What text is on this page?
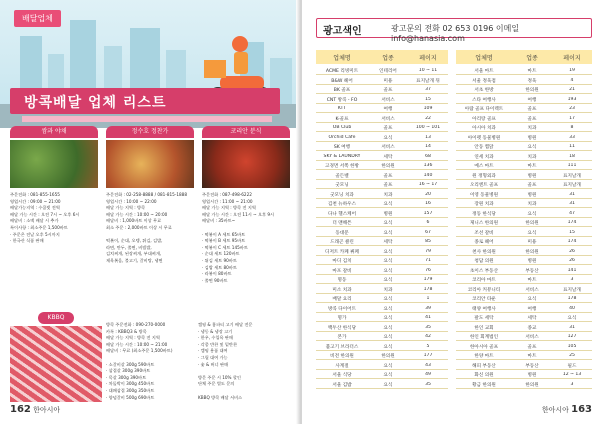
배달업체
방콕배달 업체 리스트
쌈과 야채

주문전화 : 081-855-1655

영업시간 : 09:00 ~ 21:00

배달가능지역 : 수쿰빗 전역

배달 가능 시간 : 오전 7시 ~ 오후 6시

배달비 : 소액 배달 시 추가

특이사항 : 최소주문 1,500바트

· 주문은 전날 오후 5시까지

· 한국산 식품 판매

정수호 정찬가

주문전화 : 02-258-8888 / 081-815-1888

영업시간 : 10:00 ~ 22:00

배달 가능 지역 : 방콕

배달 가능 시간 : 10:00 ~ 20:00

배달비 : 1,000바트 이상 무료

최소 주문 : 2,000바트 이상 시 무료

떡볶이, 순대, 오뎅, 튀김, 김밥,

라면, 만두, 쫄면, 비빔밥,

김치찌개, 된장찌개, 부대찌개,

제육볶음, 불고기, 갈비탕, 냉면

코리안 분식

주문전화 : 087-498-6222

영업시간 : 11:00 ~ 21:00

배달 가능 지역 : 방콕 전 지역

배달 가능 시간 : 오전 11시 ~ 오후 9시

배달비 : 35바트~

· 떡볶이 A 세트 65바트

· 떡볶이 B 세트 95바트

· 떡볶이 C 세트 145바트

· 순대 세트 120바트

· 튀김 세트 90바트

· 김밥 세트 80바트

· 라볶이 80바트

· 쫄면 90바트

KBBQ

방콕 주문전화 : 090-270-0000

카톡 : KBBQ3 & 방콕

배달 가능 지역 : 방콕 전 지역

배달 가능 시간 : 10:00 ~ 21:00

배달비 : 무료 (최소주문 1,500바트)

· 소갈비살 300g 590바트

· 삼겹살 300g 390바트

· 목살 300g 390바트

· 차돌박이 300g 450바트

· 대패삼겹 300g 350바트

· 양념갈비 500g 690바트

캠핑 & 홈파티 고기 배달 전문

· 냉동 & 냉장 고기

· 한우, 수입육 판매

· 각종 반찬 및 밑반찬

· 캠핑 용품 대여

· 그릴 대여 가능

· 숯 & 버너 판매

방문 주문 시 10% 할인

단체 주문 별도 문의

KBBQ 방콕 배달 서비스

162 한아시아
광고색인	광고문의 전화 02 653 0196 이메일 info@hanasia.com
업체명	업종	페이지	업체명	업종	페이지
ACME 리빙미트	인테리어	10 ~ 11
B&W 헤어	미용	표지날개 뒤
BK 골프	골프	37
CNT 방콕 - FO	서비스	15
KTT	여행	109
K-골프	서비스	22
OB Club	골프	100 ~ 101
Orchid Cafe	요식	13
SK 여행	서비스	14
SKY & LAUNDRY	세탁	68
고경면 서쪽 한방	한의원	136
골든벨	골프	140
굿모닝	골프	16 ~ 17
굿모닝 치과	치과	20
김천 뉴하우스	요식	16
다나 헬스케어	병원	157
더 맨해튼	요식	6
동대문	요식	67
드래곤 클린	세탁	85
디저트 카페 뷔페	요식	79
마디 김치	요식	71
마포 갈비	요식	76
명동	요식	179
미소 치과	치과	178
배달 요리	요식	1
방콕 다이어트	요식	39
명가	요식	41
백두산 한식당	요식	35
본가	요식	42
불고기 브라더스	요식	5
비전 한의원	한의원	177
사계절	요식	43
서울 식당	요식	49
서울 김밥	요식	35
서울 마트	마트	19
서울 정육점	정육	4
서초 한방	한의원	21
스타 여행사	여행	193
아람 골프 다이렉트	골프	23
아리랑 골프	골프	17
아시아 치과	치과	8
아이펫 동물병원	병원	33
안동 찜닭	요식	11
연세 치과	치과	18
예스 마트	마트	111
원 정형외과	병원	표지날개
오리엔트 골프	골프	표지날개
이영 동물병원	병원	31
장원 치과	치과	31
정동 한식당	요식	47
제니스 한의원	한의원	174
조선 갈비	요식	15
종로 헤어	미용	174
천사 한의원	한의원	26
청담 의원	병원	26
초이스 부동산	부동산	141
코리아 마트	마트	3
코리아 커뮤니티	서비스	표지날개
코리안 타운	요식	178
태양 여행사	여행	40
팔도 세탁	세탁	요식
한인 교회	종교	31
한인 회계법인	서비스	127
한아시아 골프	골프	105
한양 마트	마트	25
해피 부동산	부동산	필드
화신 의원	병원	12 ~ 13
황금 한의원	한의원	3
한아시아 163
